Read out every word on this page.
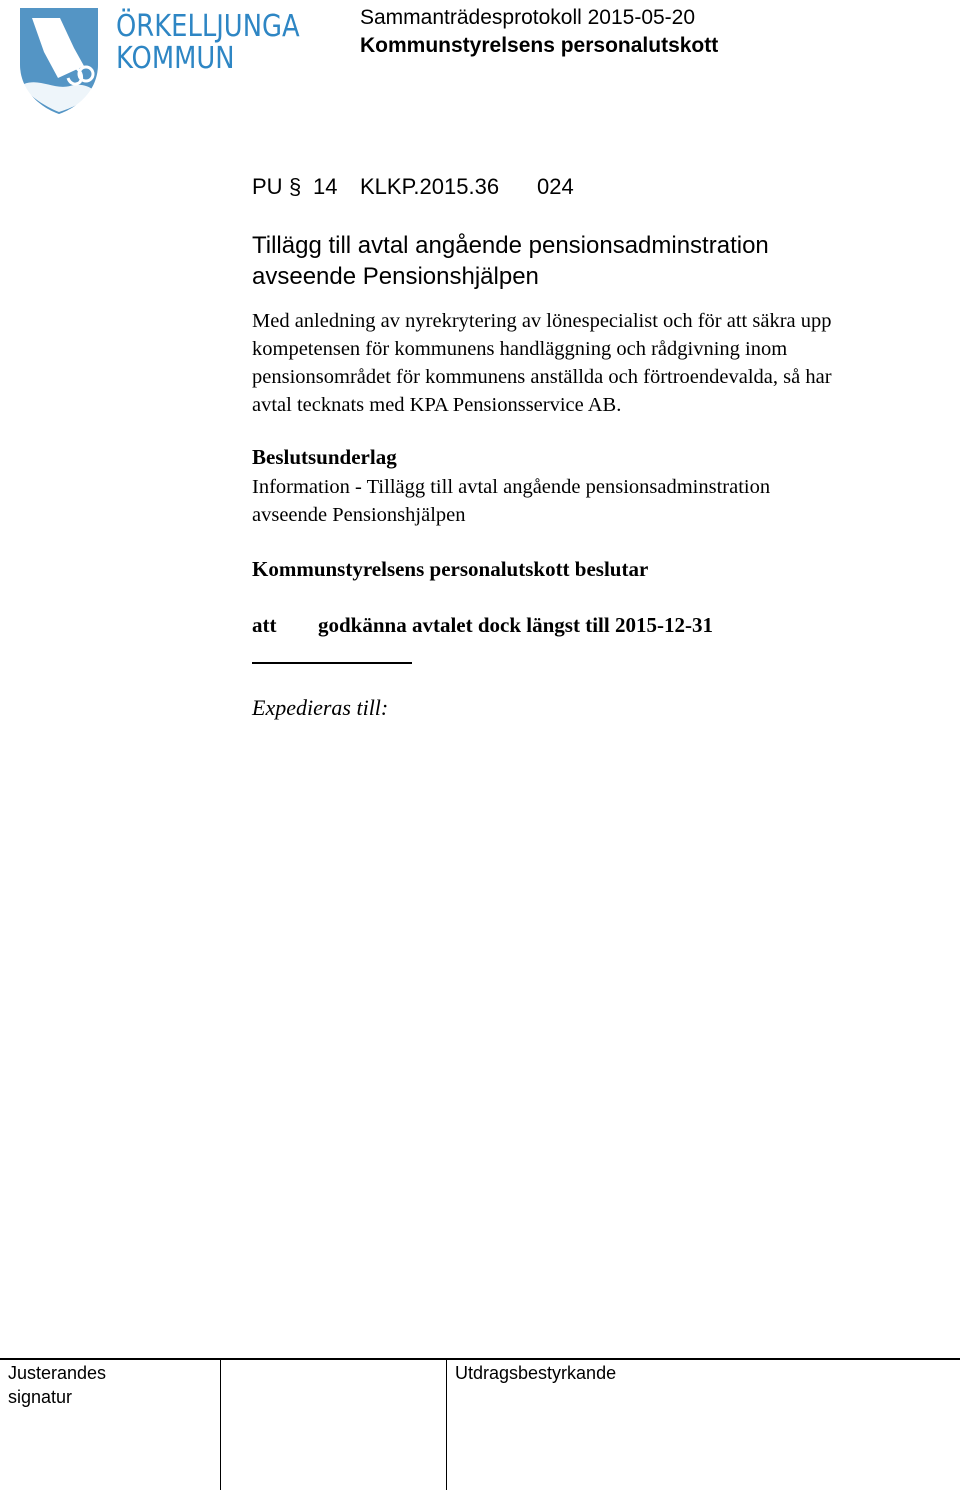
ÖRKELLJUNGA
KOMMUN
Sammanträdesprotokoll 2015-05-20
Kommunstyrelsens personalutskott
PU § 14 KLKP.2015.36 024
Tillägg till avtal angående pensionsadminstration
avseende Pensionshjälpen
Med anledning av nyrekrytering av lönespecialist och för att säkra upp
kompetensen för kommunens handläggning och rådgivning inom
pensionsområdet för kommunens anställda och förtroendevalda, så har
avtal tecknats med KPA Pensionsservice AB.
Beslutsunderlag
Information - Tillägg till avtal angående pensionsadminstration
avseende Pensionshjälpen
Kommunstyrelsens personalutskott beslutar
att godkänna avtalet dock längst till 2015-12-31
Expedieras till:
Justerandes
signatur
Utdragsbestyrkande
